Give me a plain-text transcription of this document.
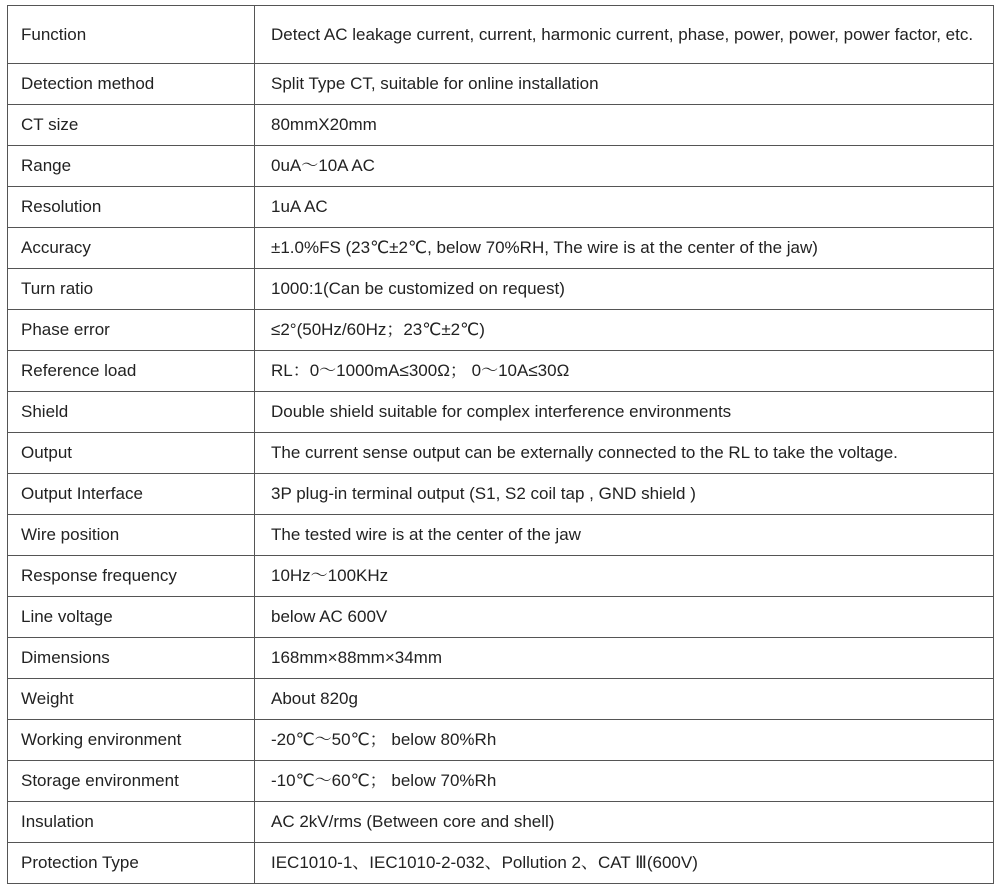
Function	Detect AC leakage current, current, harmonic current, phase, power, power, power factor, etc.
Detection method	Split Type CT, suitable for online installation
CT size	80mmX20mm
Range	0uA～10A AC
Resolution	1uA AC
Accuracy	±1.0%FS (23℃±2℃, below 70%RH, The wire is at the center of the jaw)
Turn ratio	1000:1(Can be customized on request)
Phase error	≤2°(50Hz/60Hz；23℃±2℃)
Reference load	RL：0～1000mA≤300Ω； 0～10A≤30Ω
Shield	Double shield suitable for complex interference environments
Output	The current sense output can be externally connected to the RL to take the voltage.
Output Interface	3P plug-in terminal output (S1, S2 coil tap , GND shield )
Wire position	The tested wire is at the center of the jaw
Response frequency	10Hz～100KHz
Line voltage	below AC 600V
Dimensions	168mm×88mm×34mm
Weight	About 820g
Working environment	-20℃～50℃； below 80%Rh
Storage environment	-10℃～60℃； below 70%Rh
Insulation	AC 2kV/rms (Between core and shell)
Protection Type	IEC1010-1、IEC1010-2-032、Pollution 2、CAT Ⅲ(600V)
